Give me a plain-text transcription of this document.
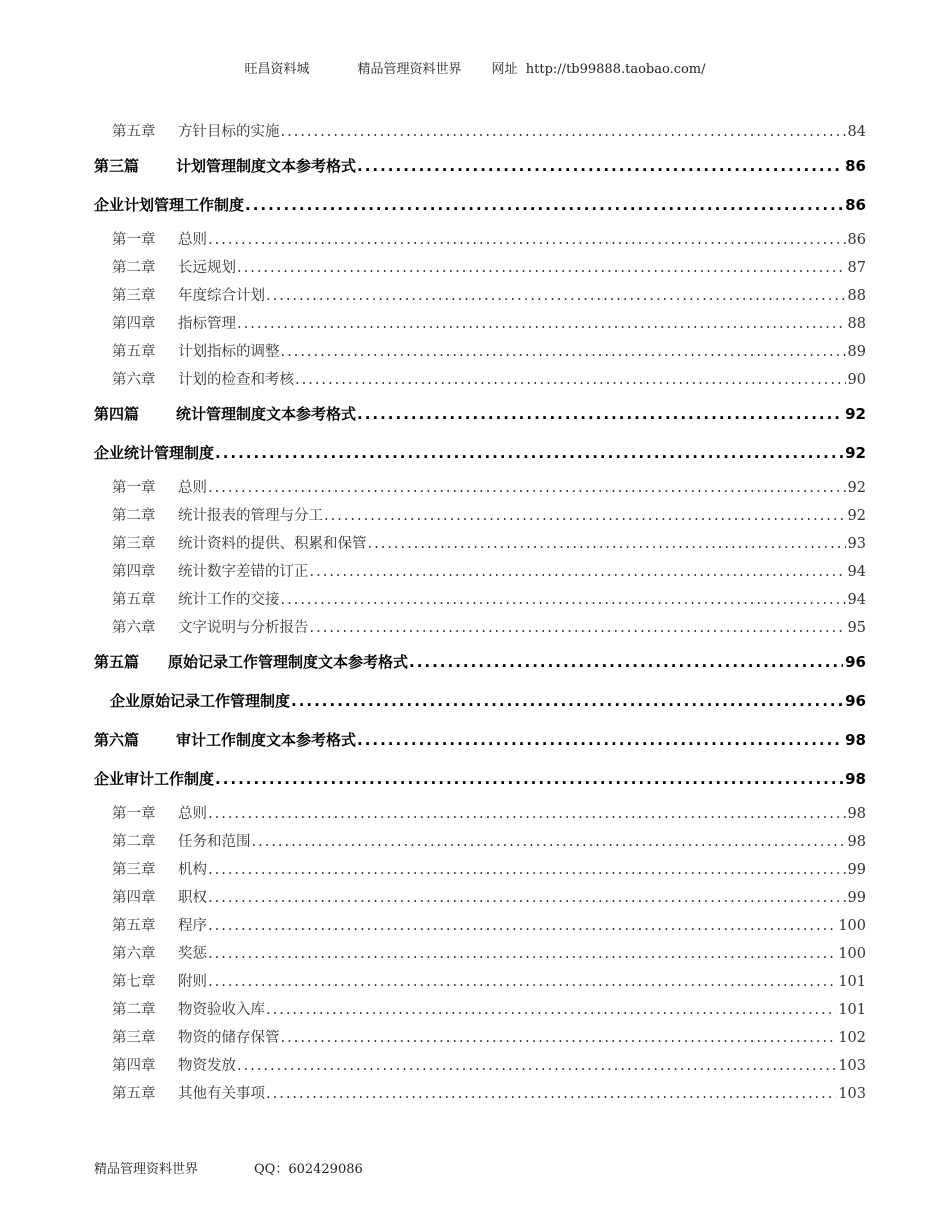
旺昌资料城	精品管理资料世界 网址 http://tb99888.taobao.com/
第五章	方针目标的实施 .....	84
第三篇	计划管理制度文本参考格式 .....	86
企业计划管理工作制度 .....	86
第一章	总则 .....	86
第二章	长远规划 .....	87
第三章	年度综合计划 .....	88
第四章	指标管理 .....	88
第五章	计划指标的调整 .....	89
第六章	计划的检查和考核 .....	90
第四篇	统计管理制度文本参考格式 .....	92
企业统计管理制度 .....	92
第一章	总则 .....	92
第二章	统计报表的管理与分工 .....	92
第三章	统计资料的提供、积累和保管 .....	93
第四章	统计数字差错的订正 .....	94
第五章	统计工作的交接 .....	94
第六章	文字说明与分析报告 .....	95
第五篇	原始记录工作管理制度文本参考格式 .....	96
企业原始记录工作管理制度 .....	96
第六篇	审计工作制度文本参考格式 .....	98
企业审计工作制度 .....	98
第一章	总则 .....	98
第二章	任务和范围 .....	98
第三章	机构 .....	99
第四章	职权 .....	99
第五章	程序 .....	100
第六章	奖惩 .....	100
第七章	附则 .....	101
第二章	物资验收入库 .....	101
第三章	物资的储存保管 .....	102
第四章	物资发放 .....	103
第五章	其他有关事项 .....	103
精品管理资料世界	QQ：602429086
